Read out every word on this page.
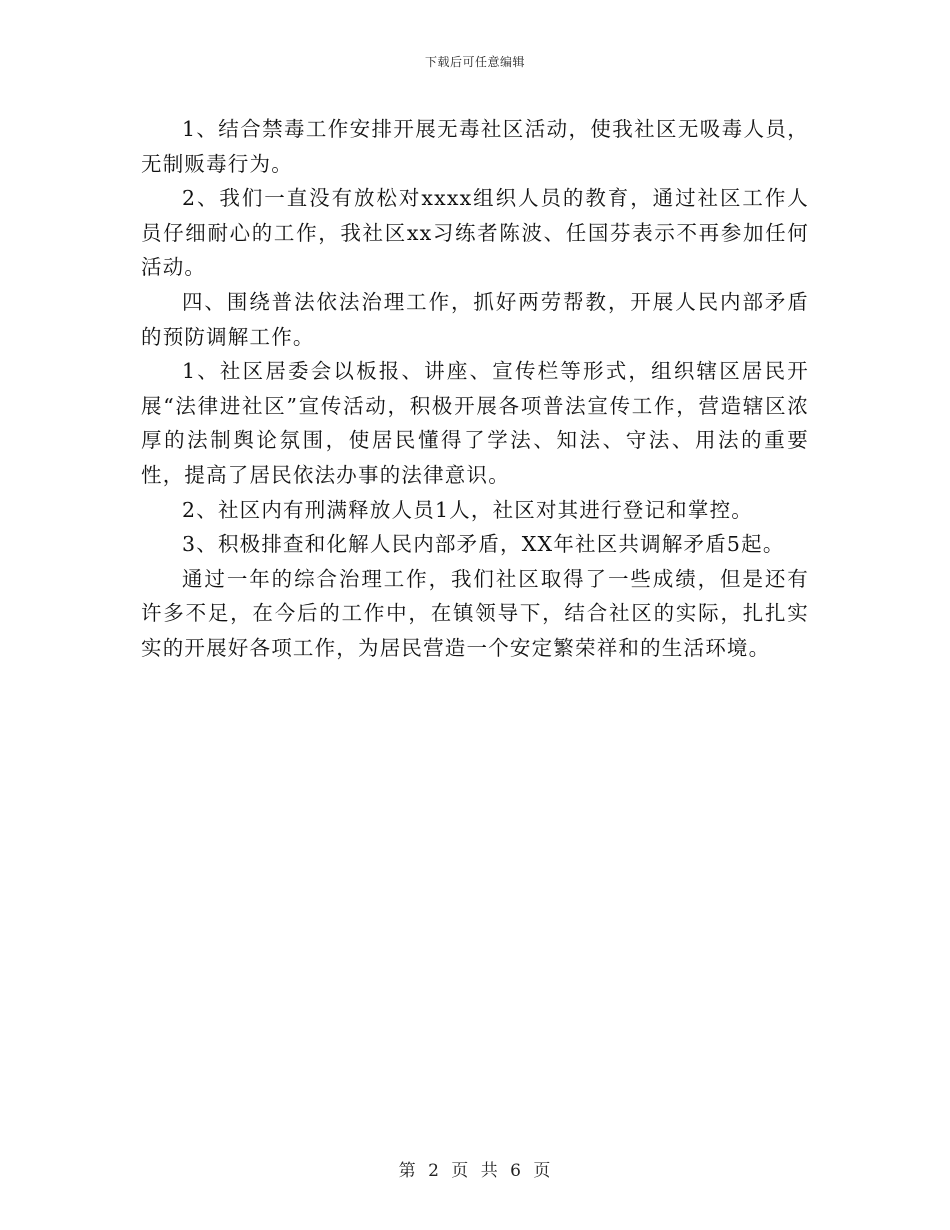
下载后可任意编辑

1、结合禁毒工作安排开展无毒社区活动，使我社区无吸毒人员，无制贩毒行为。

2、我们一直没有放松对xxxx组织人员的教育，通过社区工作人员仔细耐心的工作，我社区xx习练者陈波、任国芬表示不再参加任何活动。

四、围绕普法依法治理工作，抓好两劳帮教，开展人民内部矛盾的预防调解工作。

1、社区居委会以板报、讲座、宣传栏等形式，组织辖区居民开展“法律进社区”宣传活动，积极开展各项普法宣传工作，营造辖区浓厚的法制舆论氛围，使居民懂得了学法、知法、守法、用法的重要性，提高了居民依法办事的法律意识。

2、社区内有刑满释放人员1人，社区对其进行登记和掌控。

3、积极排查和化解人民内部矛盾，XX年社区共调解矛盾5起。

通过一年的综合治理工作，我们社区取得了一些成绩，但是还有许多不足，在今后的工作中，在镇领导下，结合社区的实际，扎扎实实的开展好各项工作，为居民营造一个安定繁荣祥和的生活环境。

第 2 页 共 6 页
